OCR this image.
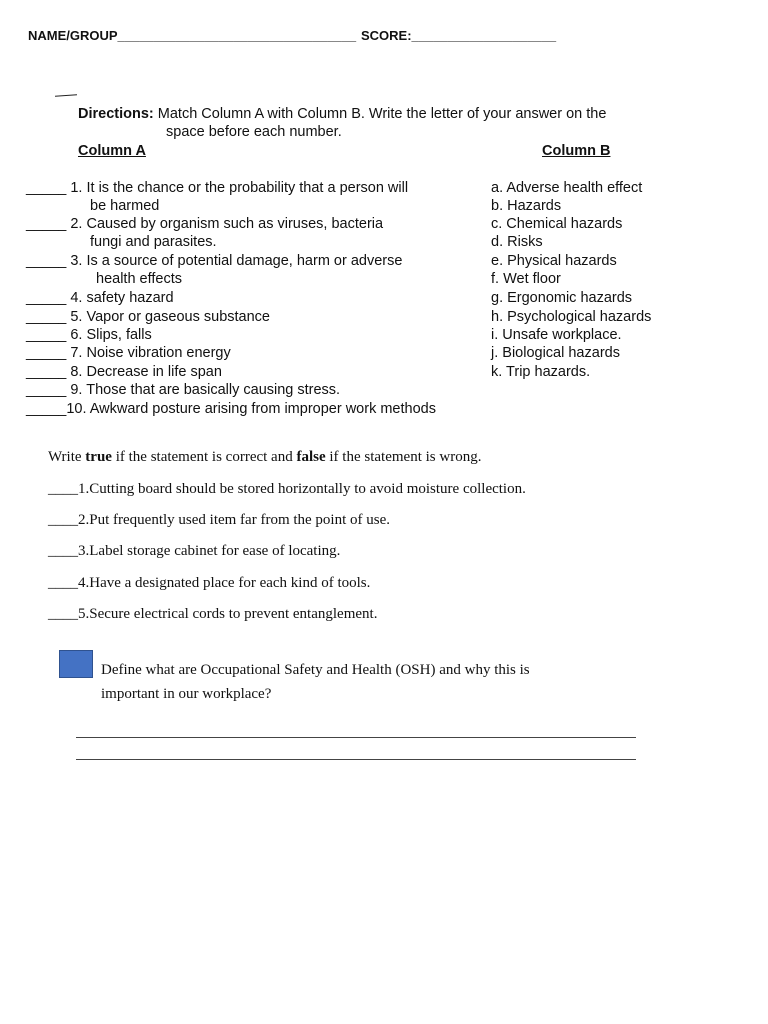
NAME/GROUP_________________________________ SCORE:____________________
Directions: Match Column A with Column B. Write the letter of your answer on the
space before each number.
Column A	Column B
_____ 1. It is the chance or the probability that a person will
be harmed
_____ 2. Caused by organism such as viruses, bacteria
fungi and parasites.
_____ 3. Is a source of potential damage, harm or adverse
health effects
_____ 4. safety hazard
_____ 5. Vapor or gaseous substance
_____ 6. Slips, falls
_____ 7. Noise vibration energy
_____ 8. Decrease in life span
_____ 9. Those that are basically causing stress.
_____10. Awkward posture arising from improper work methods
a. Adverse health effect
b. Hazards
c. Chemical hazards
d. Risks
e. Physical hazards
f. Wet floor
g. Ergonomic hazards
h. Psychological hazards
i. Unsafe workplace.
j. Biological hazards
k. Trip hazards.
Write true if the statement is correct and false if the statement is wrong.
____1.Cutting board should be stored horizontally to avoid moisture collection.
____2.Put frequently used item far from the point of use.
____3.Label storage cabinet for ease of locating.
____4.Have a designated place for each kind of tools.
____5.Secure electrical cords to prevent entanglement.
Define what are Occupational Safety and Health (OSH) and why this is
important in our workplace?
